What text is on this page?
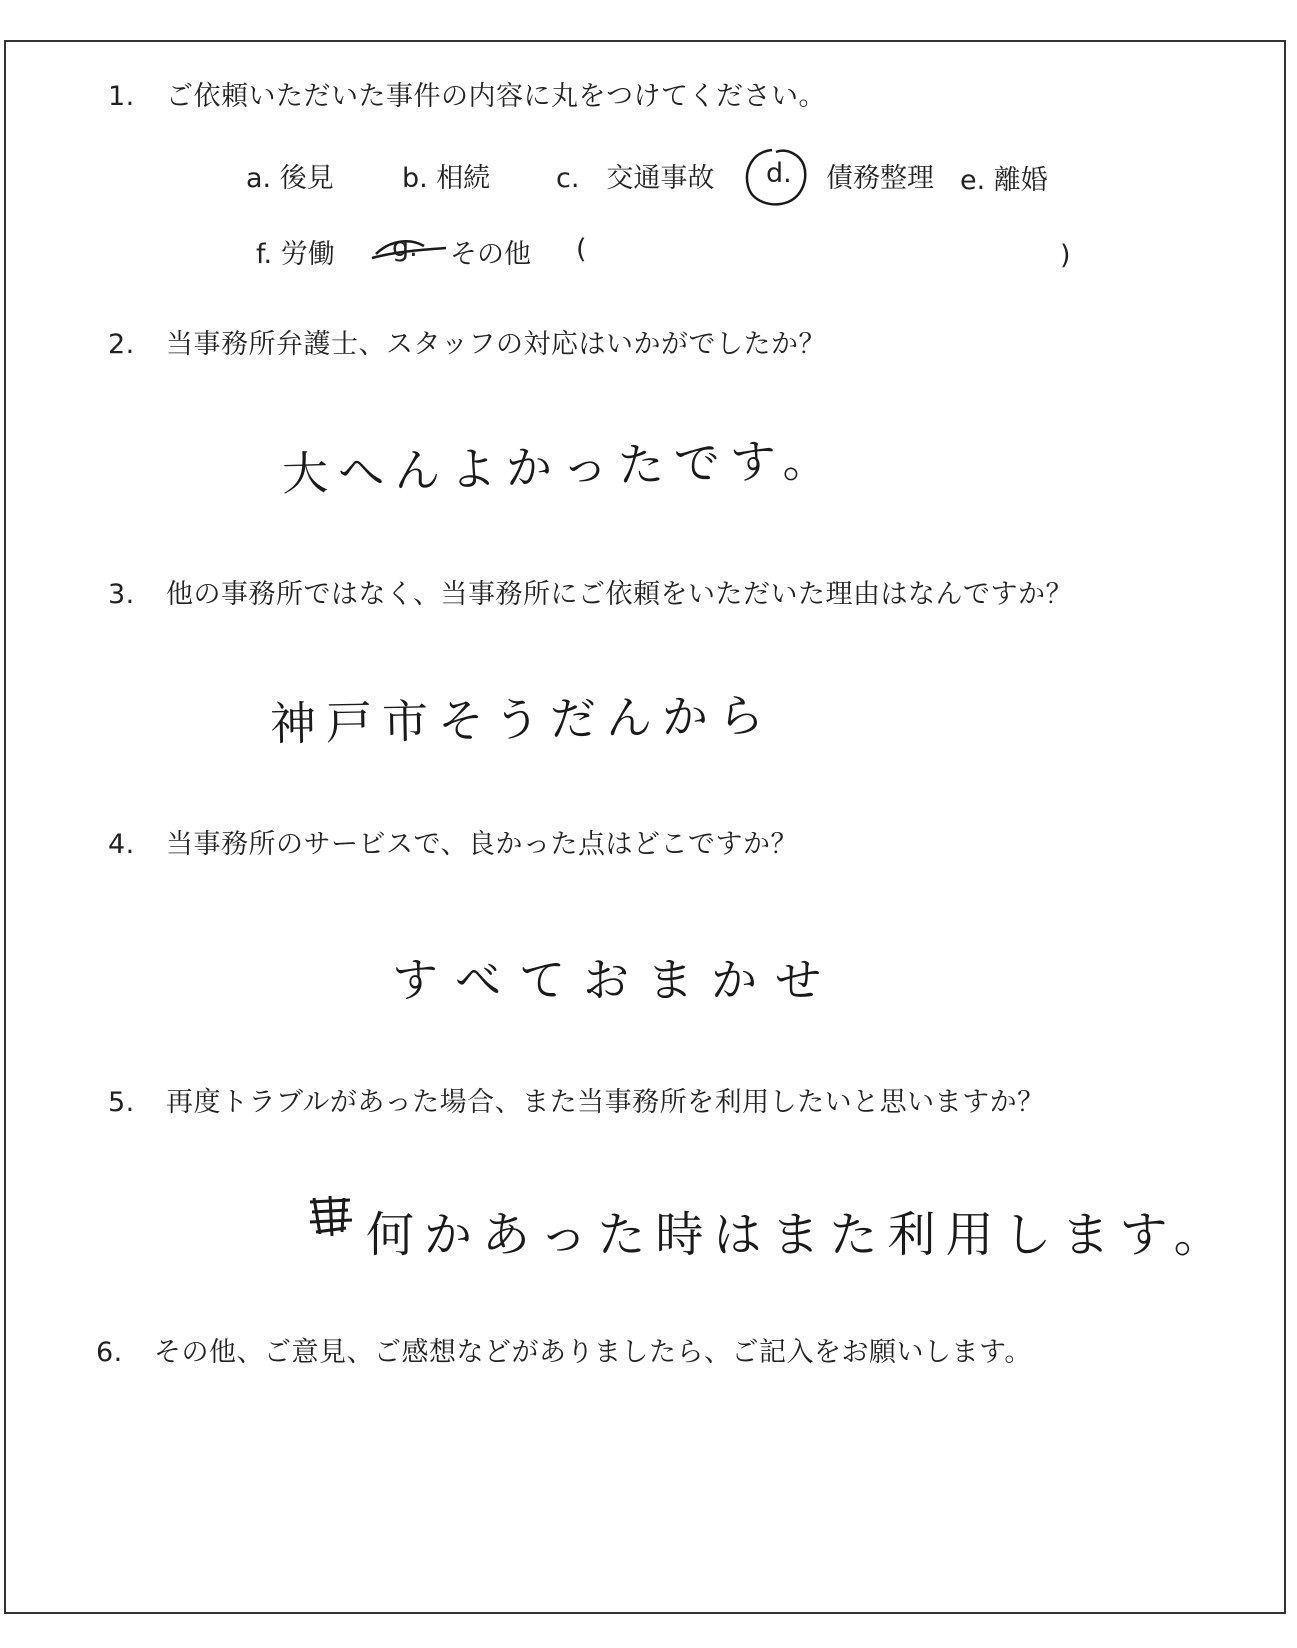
1. ご依頼いただいた事件の内容に丸をつけてください。
a. 後見	b. 相続 c.　交通事故 d. 債務整理 e. 離婚
f. 労働 g. その他 (	)
2. 当事務所弁護士、スタッフの対応はいかがでしたか？
大へんよかったです。
3. 他の事務所ではなく、当事務所にご依頼をいただいた理由はなんですか？
神戸市そうだんから
4. 当事務所のサービスで、良かった点はどこですか？
すべておまかせ
5. 再度トラブルがあった場合、また当事務所を利用したいと思いますか？
何かあった時はまた利用します。
6. その他、ご意見、ご感想などがありましたら、ご記入をお願いします。
